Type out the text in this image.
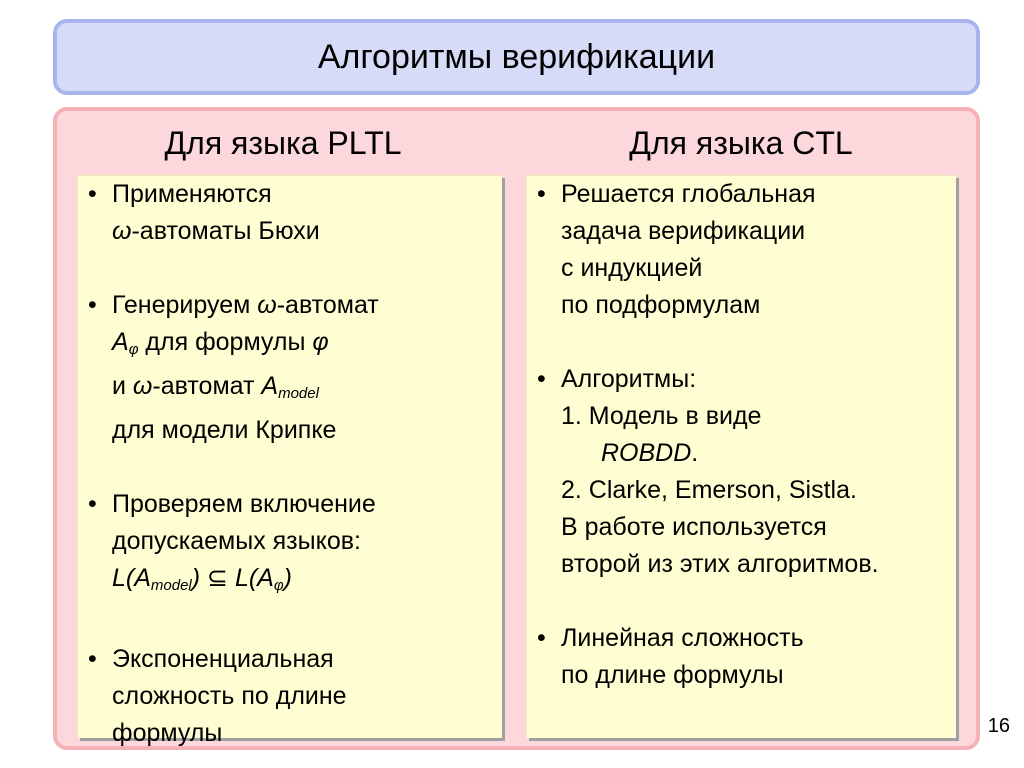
Алгоритмы верификации
Для языка PLTL	Для языка CTL
• Применяются
ω-автоматы Бюхи
• Генерируем ω-автомат
$A_\varphi$ для формулы φ
и ω-автомат $A_{model}$
для модели Крипке
• Проверяем включение
допускаемых языков:
$L(A_{model})$ ⊆ $L(A_\varphi)$
• Экспоненциальная
сложность по длине
формулы
• Решается глобальная
задача верификации
с индукцией
по подформулам
• Алгоритмы:
1. Модель в виде
ROBDD.
2. Clarke, Emerson, Sistla.
В работе используется
второй из этих алгоритмов.
• Линейная сложность
по длине формулы
16
